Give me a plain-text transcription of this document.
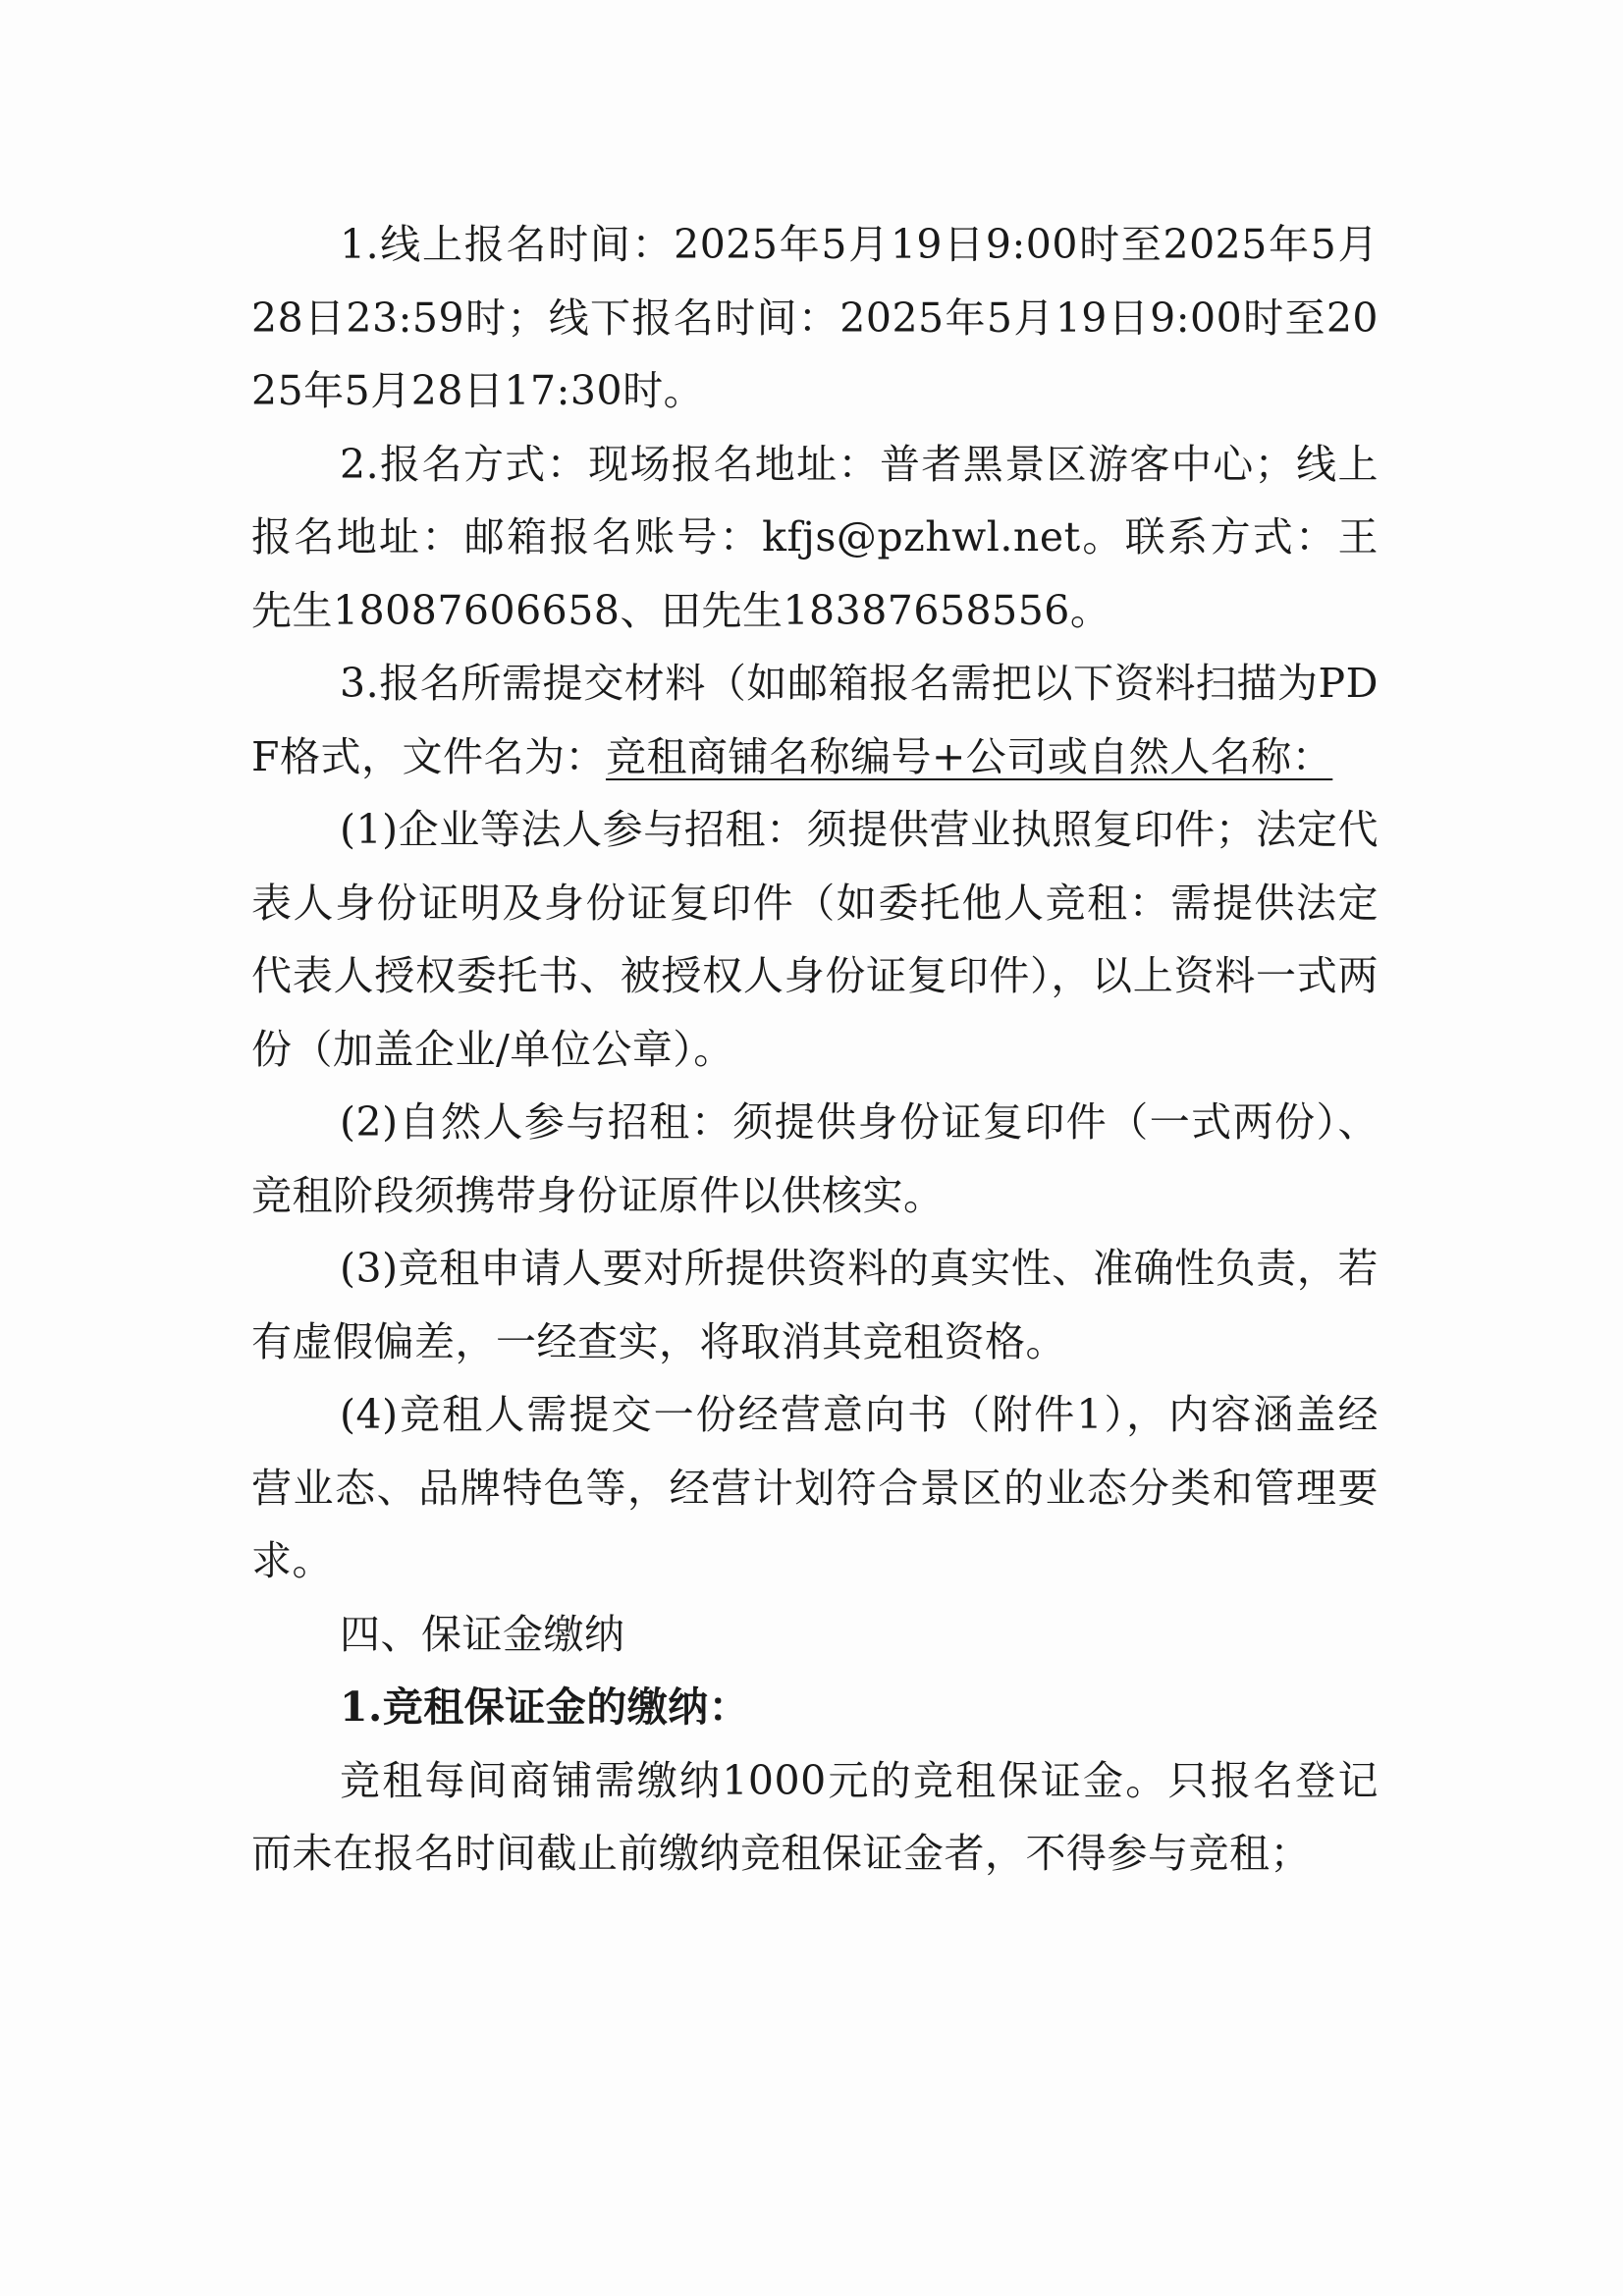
1.线上报名时间：2025年5月19日9:00时至2025年5月28日23:59时；线下报名时间：2025年5月19日9:00时至2025年5月28日17:30时。

2.报名方式：现场报名地址：普者黑景区游客中心；线上报名地址：邮箱报名账号：kfjs@pzhwl.net。联系方式：王先生18087606658、田先生18387658556。

3.报名所需提交材料（如邮箱报名需把以下资料扫描为PDF格式，文件名为：竞租商铺名称编号+公司或自然人名称：

(1)企业等法人参与招租：须提供营业执照复印件；法定代表人身份证明及身份证复印件（如委托他人竞租：需提供法定代表人授权委托书、被授权人身份证复印件），以上资料一式两份（加盖企业/单位公章）。

(2)自然人参与招租：须提供身份证复印件（一式两份）、竞租阶段须携带身份证原件以供核实。

(3)竞租申请人要对所提供资料的真实性、准确性负责，若有虚假偏差，一经查实，将取消其竞租资格。

(4)竞租人需提交一份经营意向书（附件1），内容涵盖经营业态、品牌特色等，经营计划符合景区的业态分类和管理要求。

四、保证金缴纳

1.竞租保证金的缴纳：

竞租每间商铺需缴纳1000元的竞租保证金。只报名登记而未在报名时间截止前缴纳竞租保证金者，不得参与竞租；
